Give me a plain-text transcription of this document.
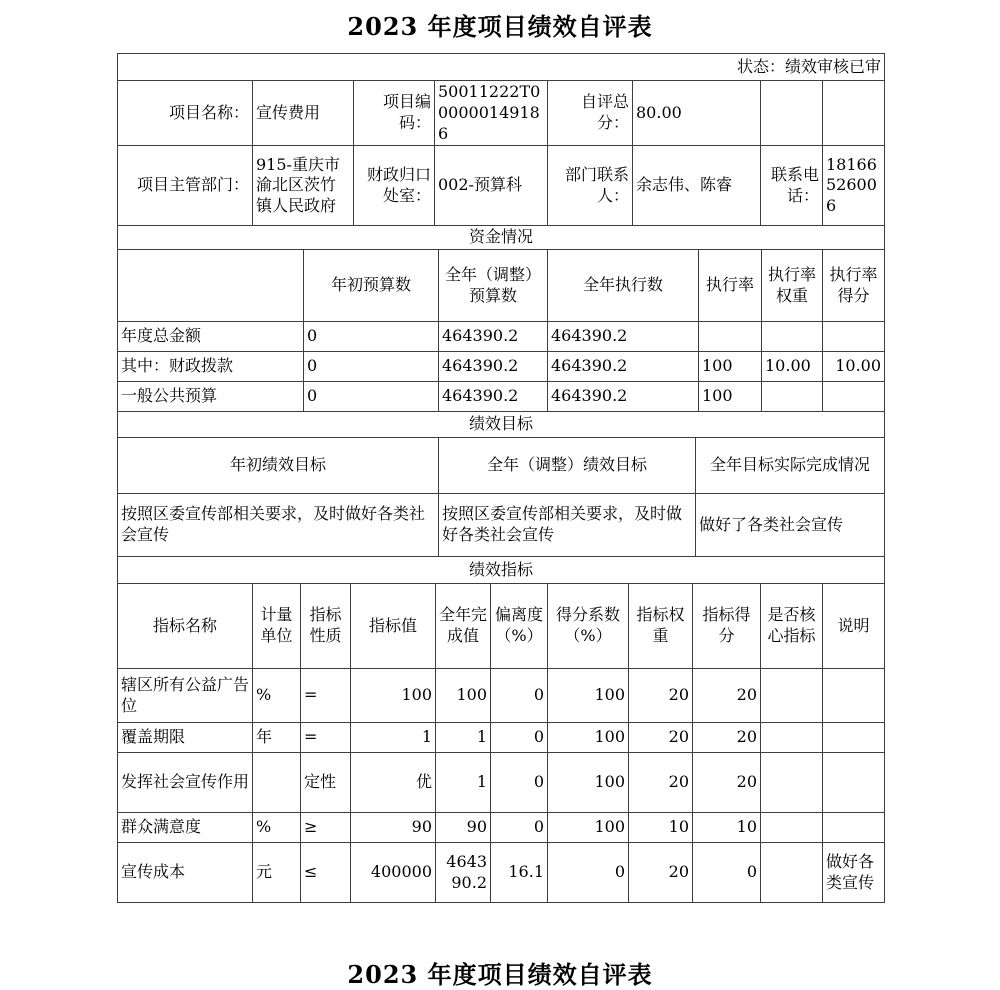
2023 年度项目绩效自评表
状态：绩效审核已审							
项目名称：	宣传费用	项目编码：	50011222T000000149186	自评总分：	80.00		
项目主管部门：	915-重庆市渝北区茨竹镇人民政府	财政归口处室：	002-预算科	部门联系人：	余志伟、陈睿	联系电话：	18166526006
资金情况						
	年初预算数	全年（调整）预算数	全年执行数	执行率	执行率权重	执行率得分
年度总金额	0	464390.2	464390.2			
其中：财政拨款	0	464390.2	464390.2	100	10.00	10.00
一般公共预算	0	464390.2	464390.2	100		
绩效目标		
年初绩效目标	全年（调整）绩效目标	全年目标实际完成情况
按照区委宣传部相关要求，及时做好各类社会宣传	按照区委宣传部相关要求，及时做好各类社会宣传	做好了各类社会宣传
绩效指标										
指标名称	计量单位	指标性质	指标值	全年完成值	偏离度（%）	得分系数（%）	指标权重	指标得分	是否核心指标	说明
辖区所有公益广告位	%	=	100	100	0	100	20	20		
覆盖期限	年	=	1	1	0	100	20	20		
发挥社会宣传作用		定性	优	1	0	100	20	20		
群众满意度	%	≥	90	90	0	100	10	10		
宣传成本	元	≤	400000	464390.2	16.1	0	20	0		做好各类宣传
2023 年度项目绩效自评表
